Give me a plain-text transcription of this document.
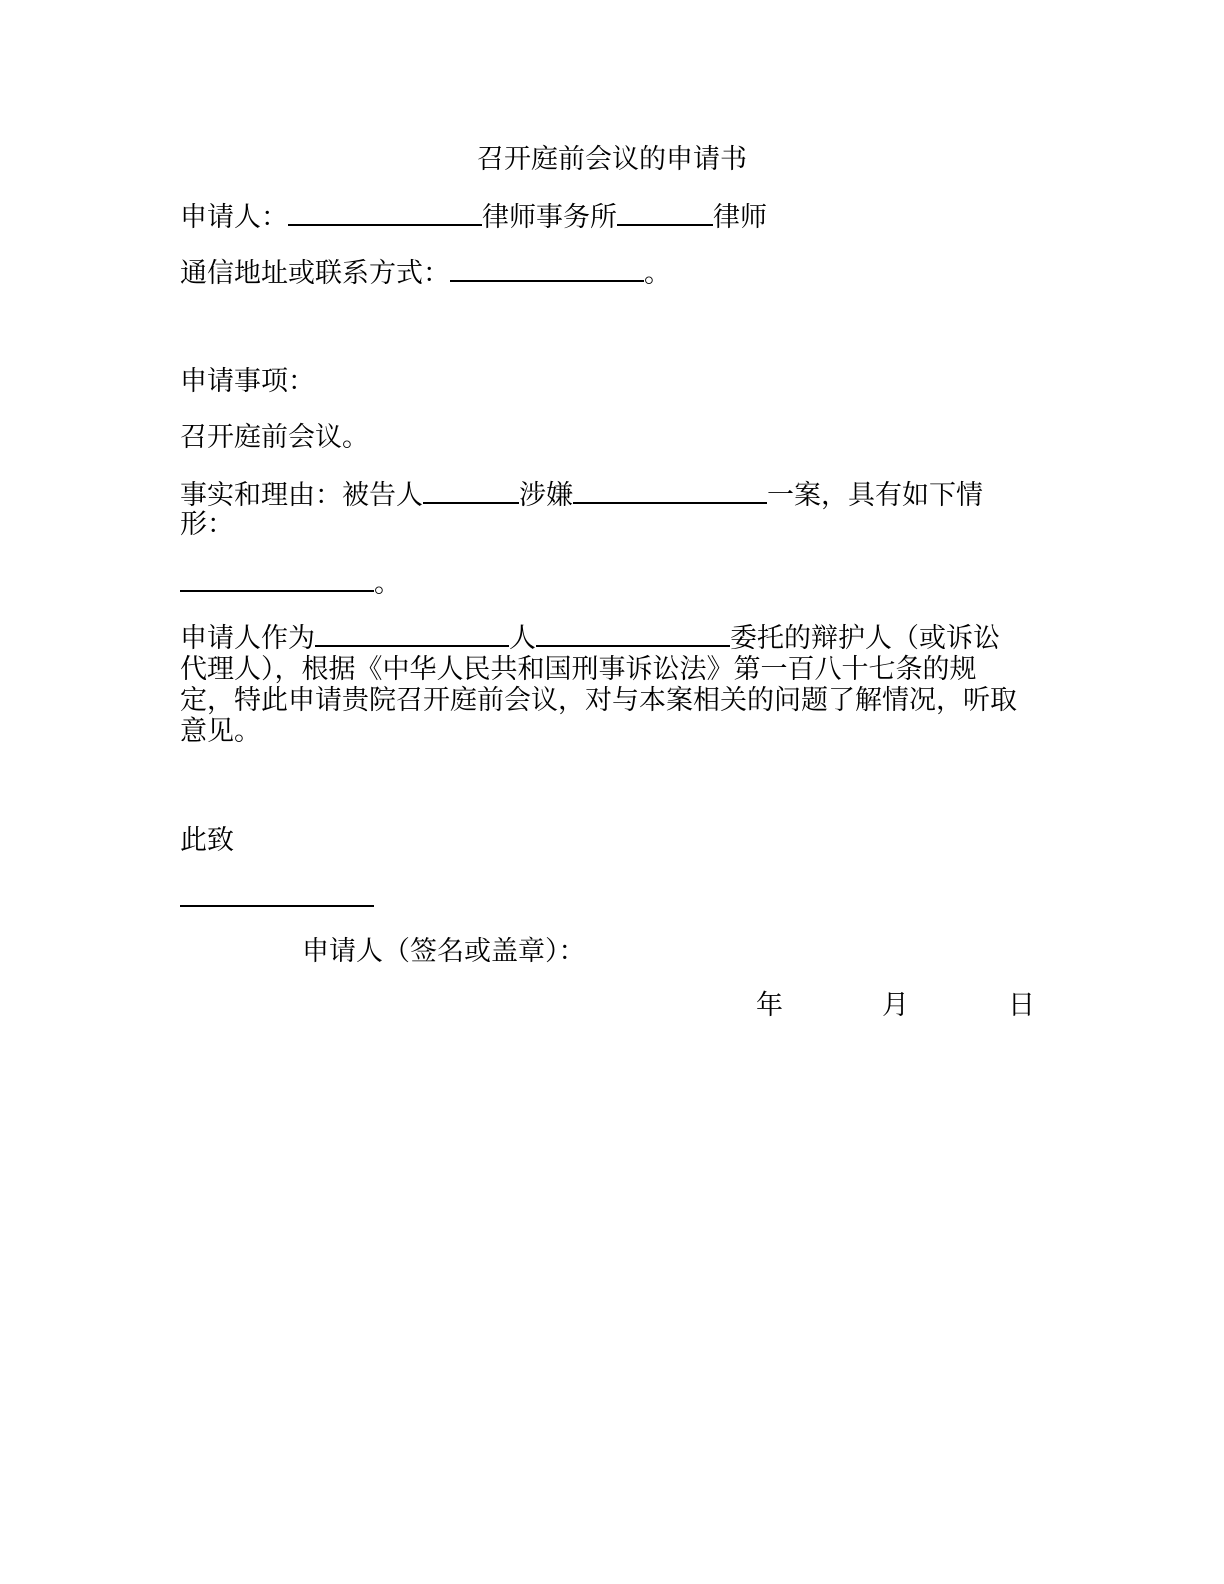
召开庭前会议的申请书
申请人：	律师事务所	律师
通信地址或联系方式：	。
申请事项：
召开庭前会议。
事实和理由：被告人	涉嫌	一案，具有如下情
形：
。
申请人作为	人	委托的辩护人（或诉讼代理人），根据《中华人民共和国刑事诉讼法》第一百八十七条的规定，特此申请贵院召开庭前会议，对与本案相关的问题了解情况，听取意见。
此致
申请人（签名或盖章）：
年	月	日
